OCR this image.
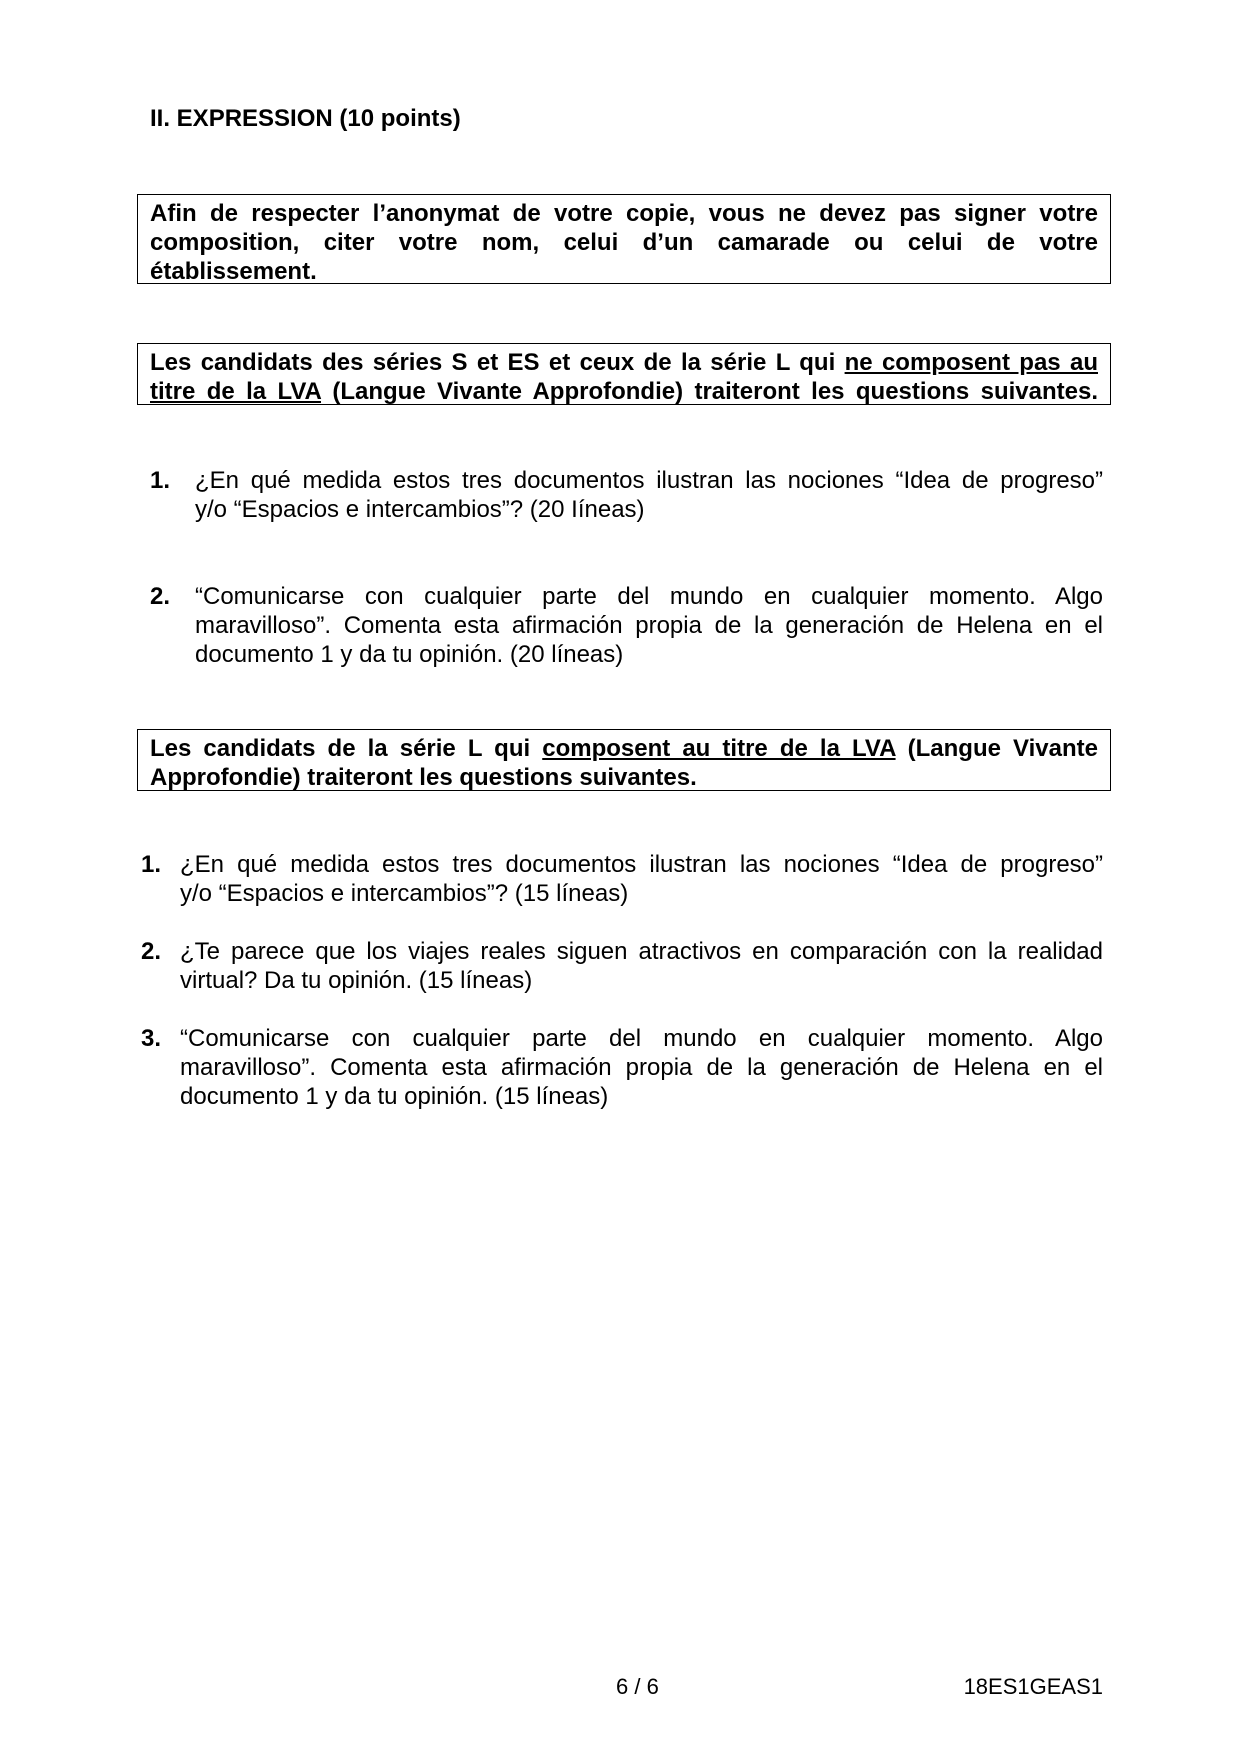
II. EXPRESSION (10 points)
Afin de respecter l’anonymat de votre copie, vous ne devez pas signer votre composition, citer votre nom, celui d’un camarade ou celui de votre
établissement.
Les candidats des séries S et ES et ceux de la série L qui ne composent pas au
titre de la LVA (Langue Vivante Approfondie) traiteront les questions suivantes.
1. ¿En qué medida estos tres documentos ilustran las nociones “Idea de progreso”
y/o “Espacios e intercambios”? (20 Iíneas)
2. “Comunicarse con cualquier parte del mundo en cualquier momento. Algo
maravilloso”. Comenta esta afirmación propia de la generación de Helena en el
documento 1 y da tu opinión. (20 líneas)
Les candidats de la série L qui composent au titre de la LVA (Langue Vivante
Approfondie) traiteront les questions suivantes.
1. ¿En qué medida estos tres documentos ilustran las nociones “Idea de progreso”
y/o “Espacios e intercambios”? (15 líneas)
2. ¿Te parece que los viajes reales siguen atractivos en comparación con la realidad
virtual? Da tu opinión. (15 líneas)
3. “Comunicarse con cualquier parte del mundo en cualquier momento. Algo
maravilloso”. Comenta esta afirmación propia de la generación de Helena en el
documento 1 y da tu opinión. (15 líneas)
6 / 6	18ES1GEAS1
